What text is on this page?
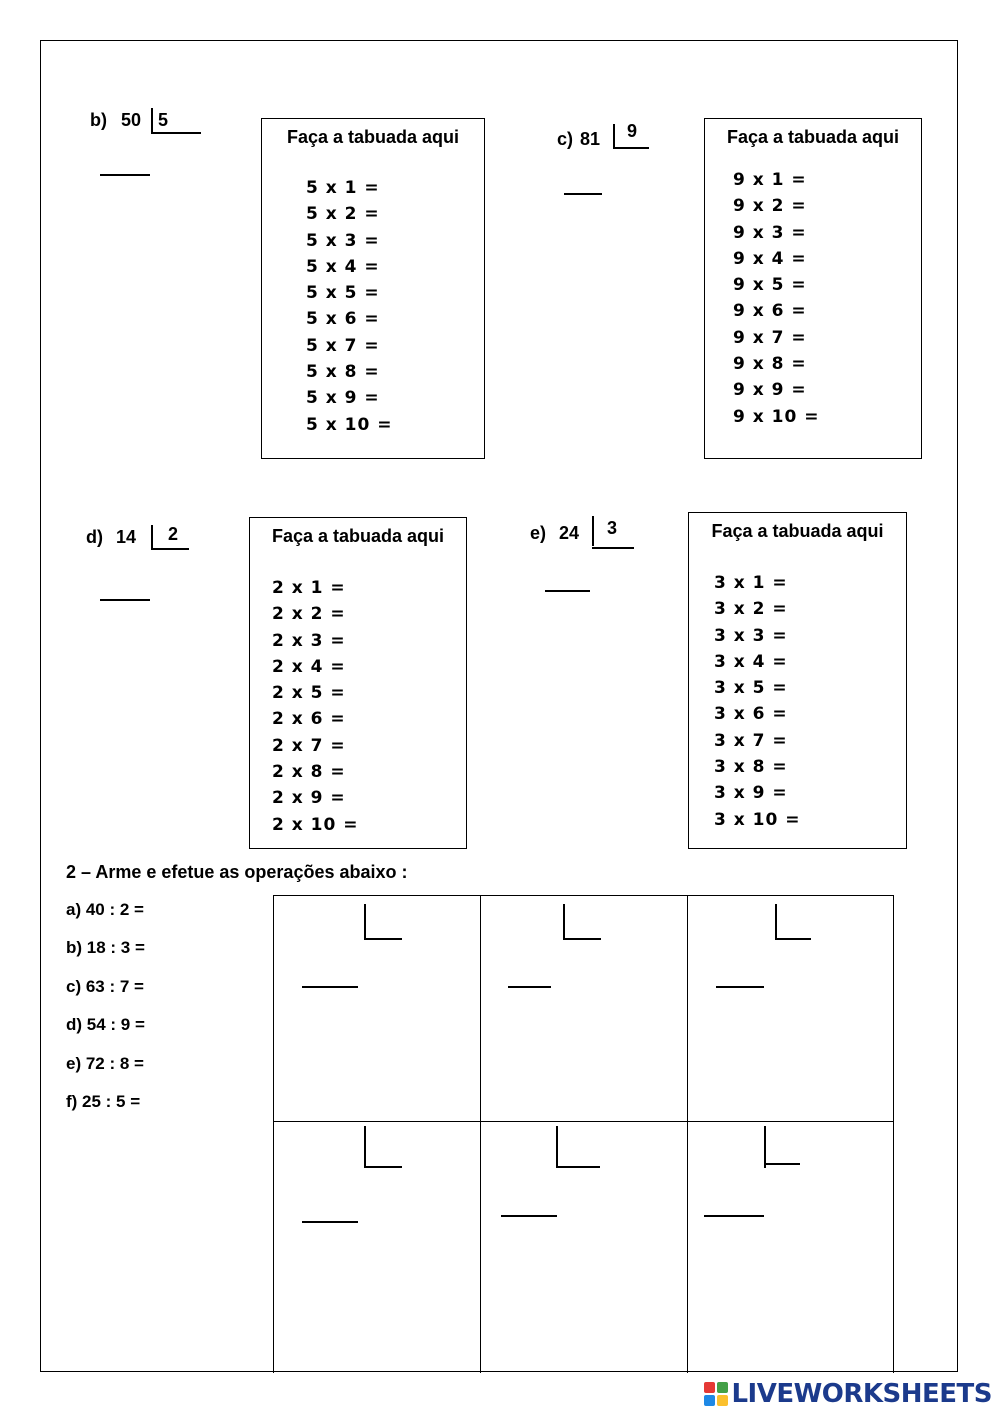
b) 50 5
c) 81 9
d) 14 2	e) 24 3
Faça a tabuada aqui
5 x 1 =
5 x 2 =
5 x 3 =
5 x 4 =
5 x 5 =
5 x 6 =
5 x 7 =
5 x 8 =
5 x 9 =
5 x 10 =
Faça a tabuada aqui
9 x 1 =
9 x 2 =
9 x 3 =
9 x 4 =
9 x 5 =
9 x 6 =
9 x 7 =
9 x 8 =
9 x 9 =
9 x 10 =
Faça a tabuada aqui
2 x 1 =
2 x 2 =
2 x 3 =
2 x 4 =
2 x 5 =
2 x 6 =
2 x 7 =
2 x 8 =
2 x 9 =
2 x 10 =
Faça a tabuada aqui
3 x 1 =
3 x 2 =
3 x 3 =
3 x 4 =
3 x 5 =
3 x 6 =
3 x 7 =
3 x 8 =
3 x 9 =
3 x 10 =
2 – Arme e efetue as operações abaixo :
a) 40 : 2 =
b) 18 : 3 =
c) 63 : 7 =
d) 54 : 9 =
e) 72 : 8 =
f) 25 : 5 =
LIVEWORKSHEETS
